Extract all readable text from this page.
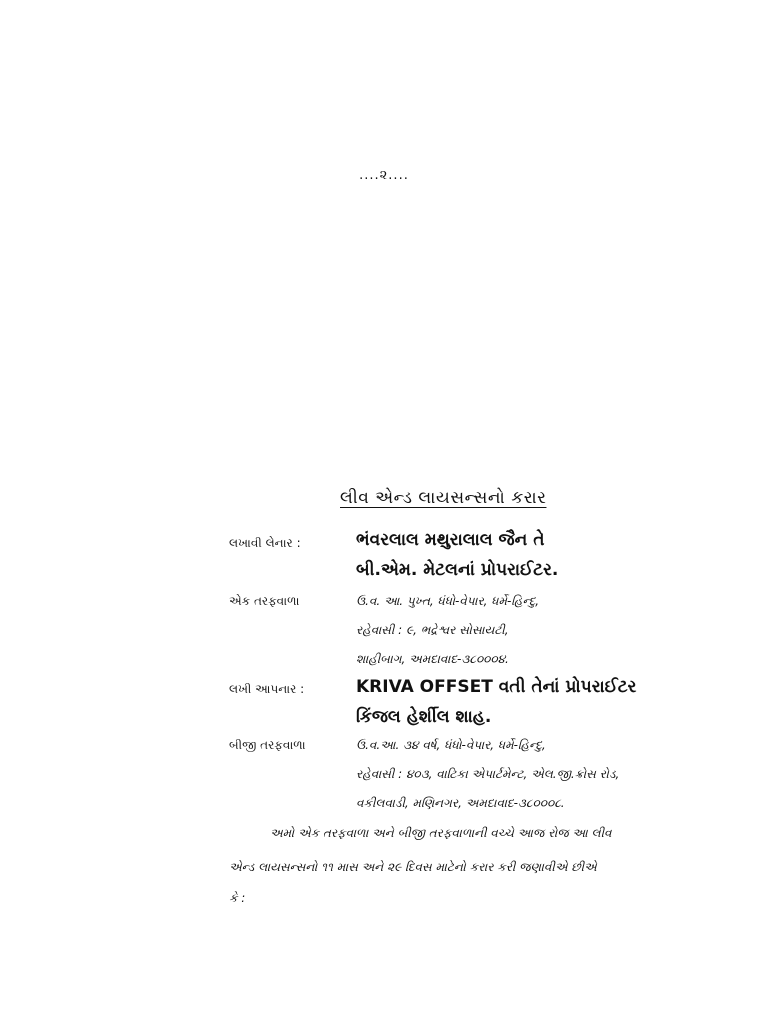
....૨....
લીવ એન્ડ લાયસન્સનો કરાર
લખાવી લેનાર :	ભંવરલાલ મથુરાલાલ જૈન તે
બી.એમ. મેટલનાં પ્રોપરાઈટર.
એક તરફવાળા	ઉ.વ. આ. પુખ્ત, ધંધો-વેપાર, ધર્મે-હિન્દુ,
રહેવાસી : ૯, ભદ્રેશ્વર સોસાયટી,
શાહીબાગ, અમદાવાદ-૩૮૦૦૦૪.
લખી આપનાર :	KRIVA OFFSET વતી તેનાં પ્રોપરાઈટર
કિંજલ હેર્શીલ શાહ.
બીજી તરફવાળા	ઉ.વ.આ. ૩૪ વર્ષ, ધંધો-વેપાર, ધર્મે-હિન્દુ,
રહેવાસી : ૪૦૩, વાટિકા એપાર્ટમેન્ટ, એલ.જી.ક્રોસ રોડ,
વકીલવાડી, મણિનગર, અમદાવાદ-૩૮૦૦૦૮.
અમો એક તરફવાળા અને બીજી તરફવાળાની વચ્ચે આજ રોજ આ લીવ
એન્ડ લાયસન્સનો ૧૧ માસ અને ૨૯ દિવસ માટેનો કરાર કરી જણાવીએ છીએ
કે :
